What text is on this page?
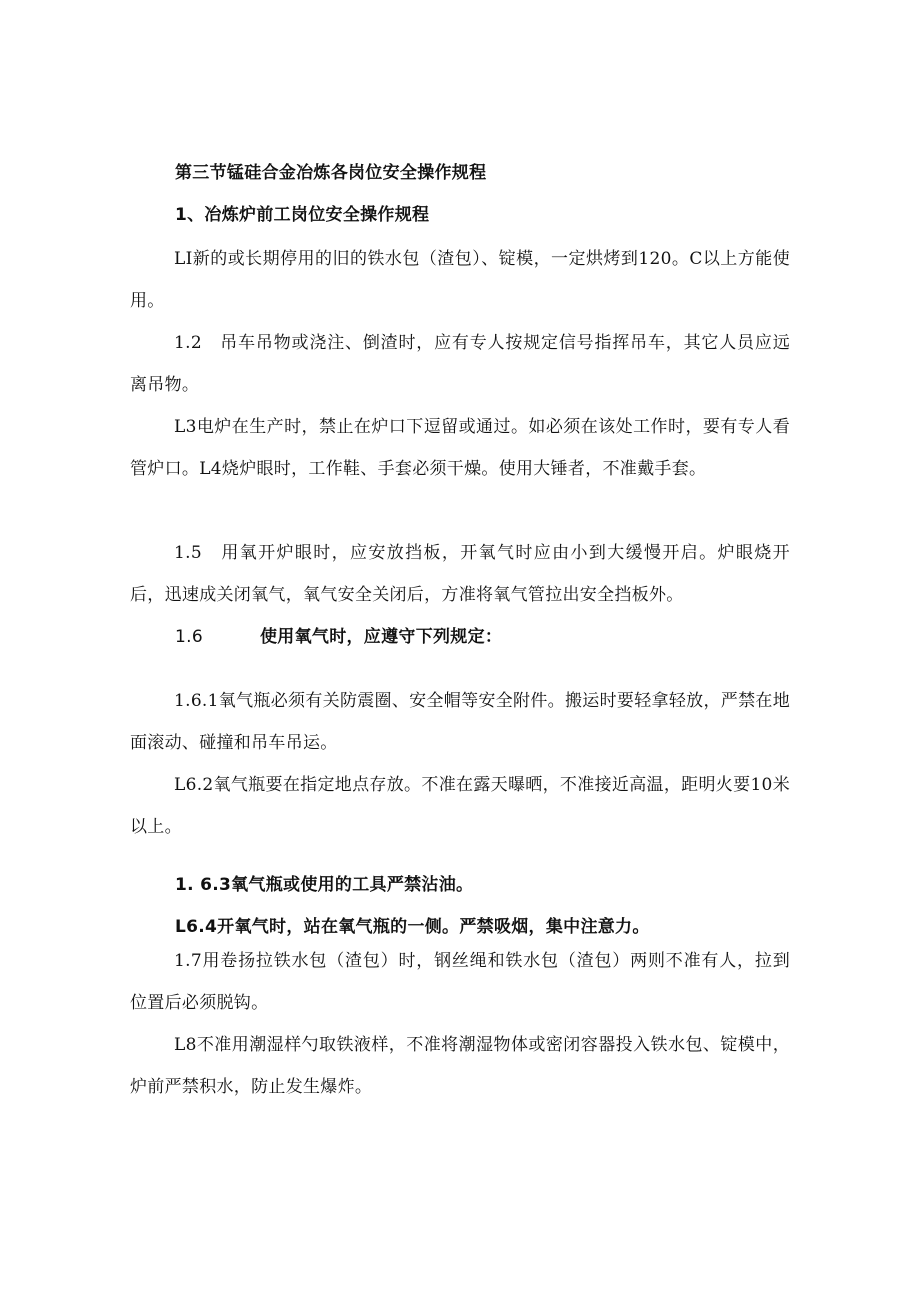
第三节锰硅合金冶炼各岗位安全操作规程
1、冶炼炉前工岗位安全操作规程
LI新的或长期停用的旧的铁水包（渣包）、锭模，一定烘烤到120。C以上方能使用。
1.2　吊车吊物或浇注、倒渣时，应有专人按规定信号指挥吊车，其它人员应远离吊物。
L3电炉在生产时，禁止在炉口下逗留或通过。如必须在该处工作时，要有专人看管炉口。L4烧炉眼时，工作鞋、手套必须干燥。使用大锤者，不准戴手套。
1.5　用氧开炉眼时，应安放挡板，开氧气时应由小到大缓慢开启。炉眼烧开后，迅速成关闭氧气，氧气安全关闭后，方准将氧气管拉出安全挡板外。
1.6	使用氧气时，应遵守下列规定：
1.6.1氧气瓶必须有关防震圈、安全帽等安全附件。搬运时要轻拿轻放，严禁在地面滚动、碰撞和吊车吊运。
L6.2氧气瓶要在指定地点存放。不准在露天曝晒，不准接近高温，距明火要10米以上。
1. 6.3氧气瓶或使用的工具严禁沾油。
L6.4开氧气时，站在氧气瓶的一侧。严禁吸烟，集中注意力。
1.7用卷扬拉铁水包（渣包）时，钢丝绳和铁水包（渣包）两则不准有人，拉到位置后必须脱钩。
L8不准用潮湿样勺取铁液样，不准将潮湿物体或密闭容器投入铁水包、锭模中，炉前严禁积水，防止发生爆炸。
